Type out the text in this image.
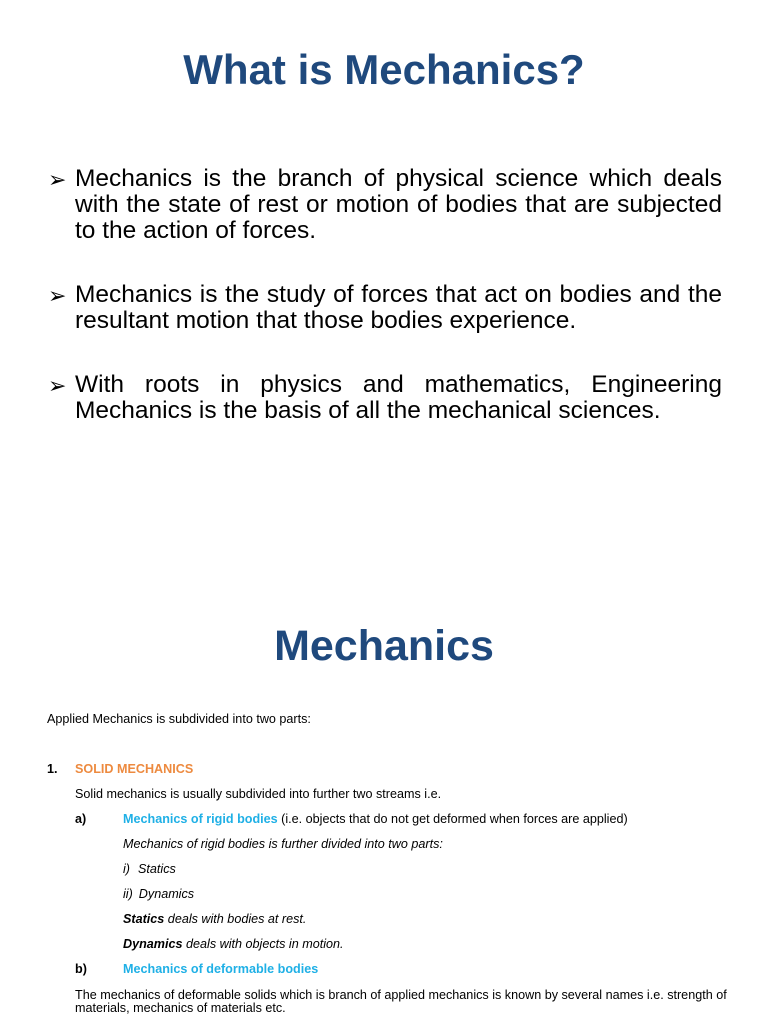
What is Mechanics?
➢ Mechanics is the branch of physical science which deals with the state of rest or motion of bodies that are subjected to the action of forces.
➢ Mechanics is the study of forces that act on bodies and the resultant motion that those bodies experience.
➢ With roots in physics and mathematics, Engineering Mechanics is the basis of all the mechanical sciences.
Mechanics
Applied Mechanics is subdivided into two parts:
1. SOLID MECHANICS
Solid mechanics is usually subdivided into further two streams i.e.
a)	Mechanics of rigid bodies (i.e. objects that do not get deformed when forces are applied)
Mechanics of rigid bodies is further divided into two parts:
i) Statics
ii) Dynamics
Statics deals with bodies at rest.
Dynamics deals with objects in motion.
b)	Mechanics of deformable bodies
The mechanics of deformable solids which is branch of applied mechanics is known by several names i.e. strength of materials, mechanics of materials etc.
